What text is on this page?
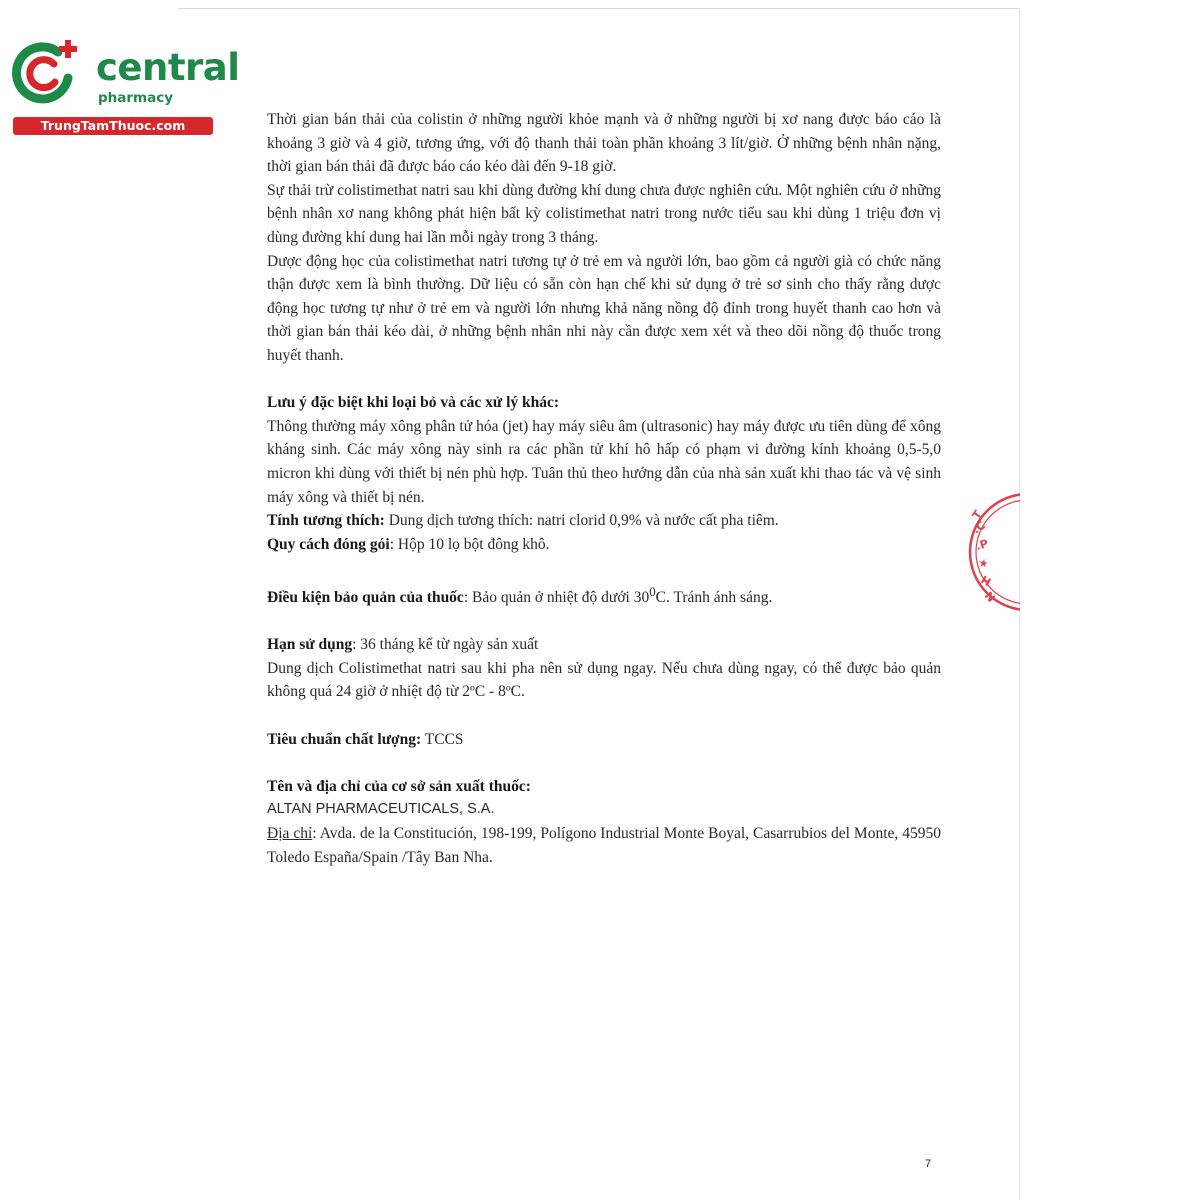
central
pharmacy
TrungTamThuoc.com	Thời gian bán thải của colistin ở những người khỏe mạnh và ở những người bị xơ nang được báo cáo là khoảng 3 giờ và 4 giờ, tương ứng, với độ thanh thải toàn phần khoảng 3 lít/giờ. Ở những bệnh nhân nặng, thời gian bán thải đã được báo cáo kéo dài đến 9-18 giờ.

Sự thải trừ colistimethat natri sau khi dùng đường khí dung chưa được nghiên cứu. Một nghiên cứu ở những bệnh nhân xơ nang không phát hiện bất kỳ colistimethat natri trong nước tiểu sau khi dùng 1 triệu đơn vị dùng đường khí dung hai lần mỗi ngày trong 3 tháng.

Dược động học của colistimethat natri tương tự ở trẻ em và người lớn, bao gồm cả người già có chức năng thận được xem là bình thường. Dữ liệu có sẵn còn hạn chế khi sử dụng ở trẻ sơ sinh cho thấy rằng dược động học tương tự như ở trẻ em và người lớn nhưng khả năng nồng độ đỉnh trong huyết thanh cao hơn và thời gian bán thải kéo dài, ở những bệnh nhân nhi này cần được xem xét và theo dõi nồng độ thuốc trong huyết thanh.

Lưu ý đặc biệt khi loại bỏ và các xử lý khác:

Thông thường máy xông phân tử hóa (jet) hay máy siêu âm (ultrasonic) hay máy được ưu tiên dùng để xông kháng sinh. Các máy xông này sinh ra các phần tử khí hô hấp có phạm vi đường kính khoảng 0,5-5,0 micron khi dùng với thiết bị nén phù hợp. Tuân thủ theo hướng dẫn của nhà sản xuất khi thao tác và vệ sinh máy xông và thiết bị nén.

Tính tương thích: Dung dịch tương thích: natri clorid 0,9% và nước cất pha tiêm.

Quy cách đóng gói: Hộp 10 lọ bột đông khô.

Điều kiện bảo quản của thuốc: Bảo quản ở nhiệt độ dưới $30^0C$. Tránh ánh sáng.

Hạn sử dụng: 36 tháng kể từ ngày sản xuất

Dung dịch Colistimethat natri sau khi pha nên sử dụng ngay. Nếu chưa dùng ngay, có thể được bảo quản không quá 24 giờ ở nhiệt độ từ 2ºC - 8ºC.

Tiêu chuẩn chất lượng: TCCS

Tên và địa chỉ của cơ sở sản xuất thuốc:

ALTAN PHARMACEUTICALS, S.A.

Địa chỉ: Avda. de la Constitución, 198-199, Polígono Industrial Monte Boyal, Casarrubios del Monte, 45950 Toledo España/Spain /Tây Ban Nha.

T
.C
.P
★
H
N
7
